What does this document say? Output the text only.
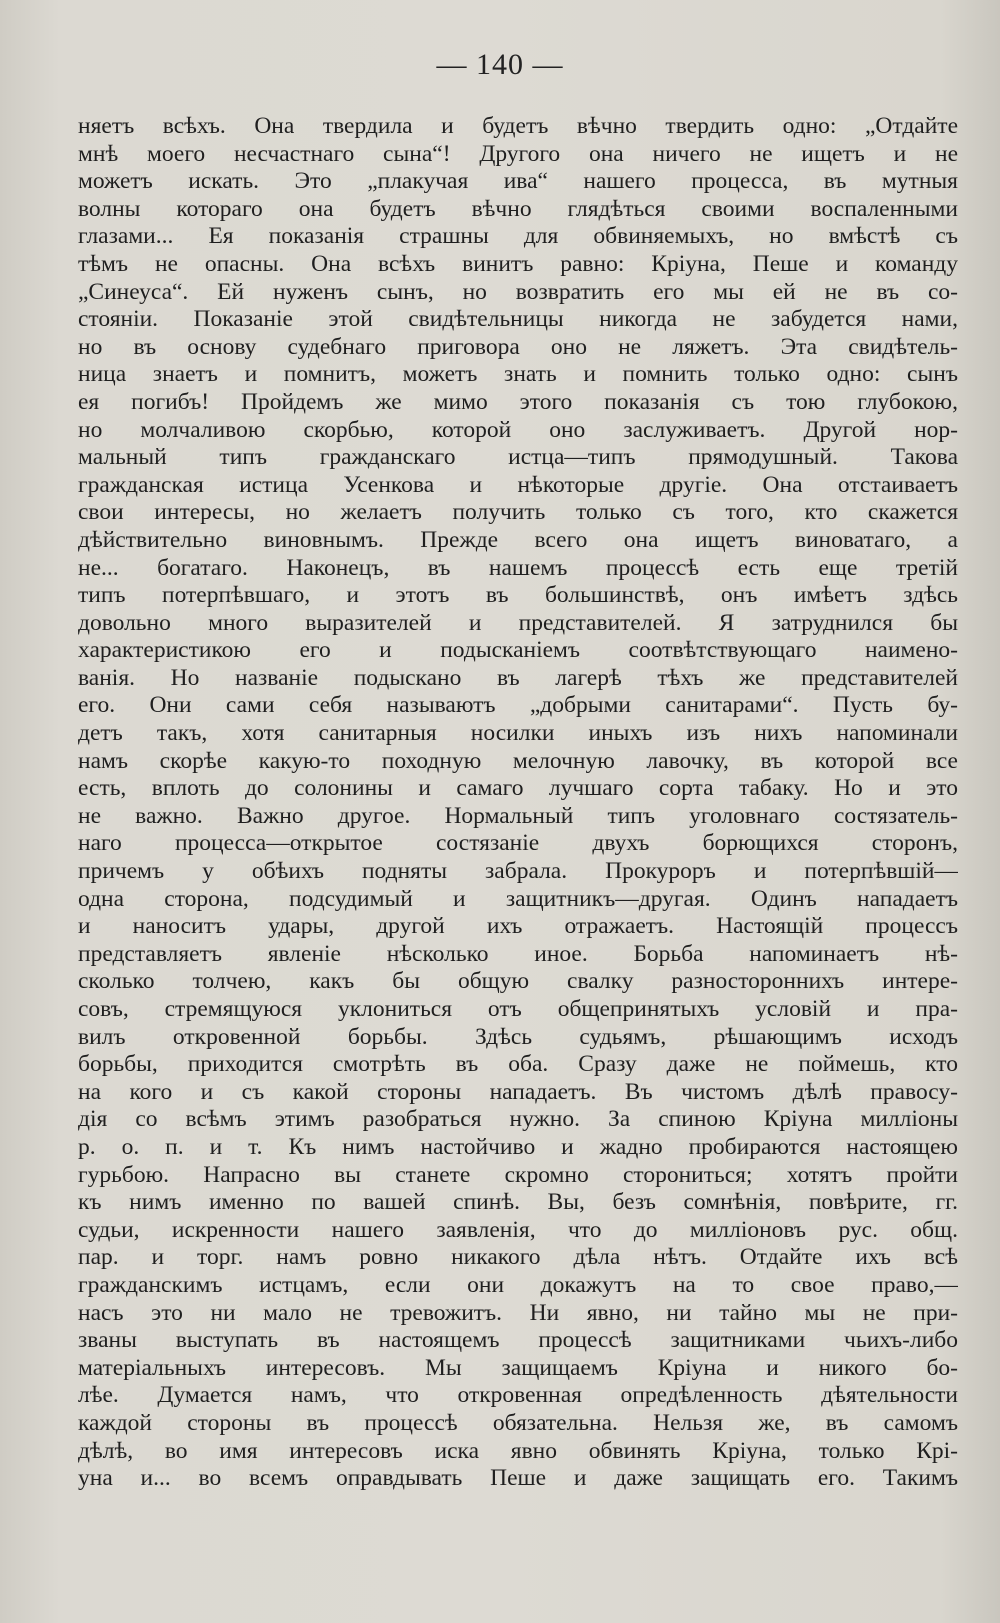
— 140 —
няетъ всѣхъ. Она твердила и будетъ вѣчно твердить одно: „Отдайте
мнѣ моего несчастнаго сына“! Другого она ничего не ищетъ и не
можетъ искать. Это „плакучая ива“ нашего процесса, въ мутныя
волны котораго она будетъ вѣчно глядѣться своими воспаленными
глазами... Ея показанія страшны для обвиняемыхъ, но вмѣстѣ съ
тѣмъ не опасны. Она всѣхъ винитъ равно: Кріуна, Пеше и команду
„Синеуса“. Ей нуженъ сынъ, но возвратить его мы ей не въ со-
стояніи. Показаніе этой свидѣтельницы никогда не забудется нами,
но въ основу судебнаго приговора оно не ляжетъ. Эта свидѣтель-
ница знаетъ и помнитъ, можетъ знать и помнить только одно: сынъ
ея погибъ! Пройдемъ же мимо этого показанія съ тою глубокою,
но молчаливою скорбью, которой оно заслуживаетъ. Другой нор-
мальный типъ гражданскаго истца—типъ прямодушный. Такова
гражданская истица Усенкова и нѣкоторые другіе. Она отстаиваетъ
свои интересы, но желаетъ получить только съ того, кто скажется
дѣйствительно виновнымъ. Прежде всего она ищетъ виноватаго, а
не... богатаго. Наконецъ, въ нашемъ процессѣ есть еще третій
типъ потерпѣвшаго, и этотъ въ большинствѣ, онъ имѣетъ здѣсь
довольно много выразителей и представителей. Я затруднился бы
характеристикою его и подысканіемъ соотвѣтствующаго наимено-
ванія. Но названіе подыскано въ лагерѣ тѣхъ же представителей
его. Они сами себя называютъ „добрыми санитарами“. Пусть бу-
детъ такъ, хотя санитарныя носилки иныхъ изъ нихъ напоминали
намъ скорѣе какую-то походную мелочную лавочку, въ которой все
есть, вплоть до солонины и самаго лучшаго сорта табаку. Но и это
не важно. Важно другое. Нормальный типъ уголовнаго состязатель-
наго процесса—открытое состязаніе двухъ борющихся сторонъ,
причемъ у обѣихъ подняты забрала. Прокуроръ и потерпѣвшій—
одна сторона, подсудимый и защитникъ—другая. Одинъ нападаетъ
и наноситъ удары, другой ихъ отражаетъ. Настоящій процессъ
представляетъ явленіе нѣсколько иное. Борьба напоминаетъ нѣ-
сколько толчею, какъ бы общую свалку разностороннихъ интере-
совъ, стремящуюся уклониться отъ общепринятыхъ условій и пра-
вилъ откровенной борьбы. Здѣсь судьямъ, рѣшающимъ исходъ
борьбы, приходится смотрѣть въ оба. Сразу даже не поймешь, кто
на кого и съ какой стороны нападаетъ. Въ чистомъ дѣлѣ правосу-
дія со всѣмъ этимъ разобраться нужно. За спиною Кріуна милліоны
р. о. п. и т. Къ нимъ настойчиво и жадно пробираются настоящею
гурьбою. Напрасно вы станете скромно сторониться; хотятъ пройти
къ нимъ именно по вашей спинѣ. Вы, безъ сомнѣнія, повѣрите, гг.
судьи, искренности нашего заявленія, что до милліоновъ рус. общ.
пар. и торг. намъ ровно никакого дѣла нѣтъ. Отдайте ихъ всѣ
гражданскимъ истцамъ, если они докажутъ на то свое право,—
насъ это ни мало не тревожитъ. Ни явно, ни тайно мы не при-
званы выступать въ настоящемъ процессѣ защитниками чьихъ-либо
матеріальныхъ интересовъ. Мы защищаемъ Кріуна и никого бо-
лѣе. Думается намъ, что откровенная опредѣленность дѣятельности
каждой стороны въ процессѣ обязательна. Нельзя же, въ самомъ
дѣлѣ, во имя интересовъ иска явно обвинять Кріуна, только Крі-
уна и... во всемъ оправдывать Пеше и даже защищать его. Такимъ
